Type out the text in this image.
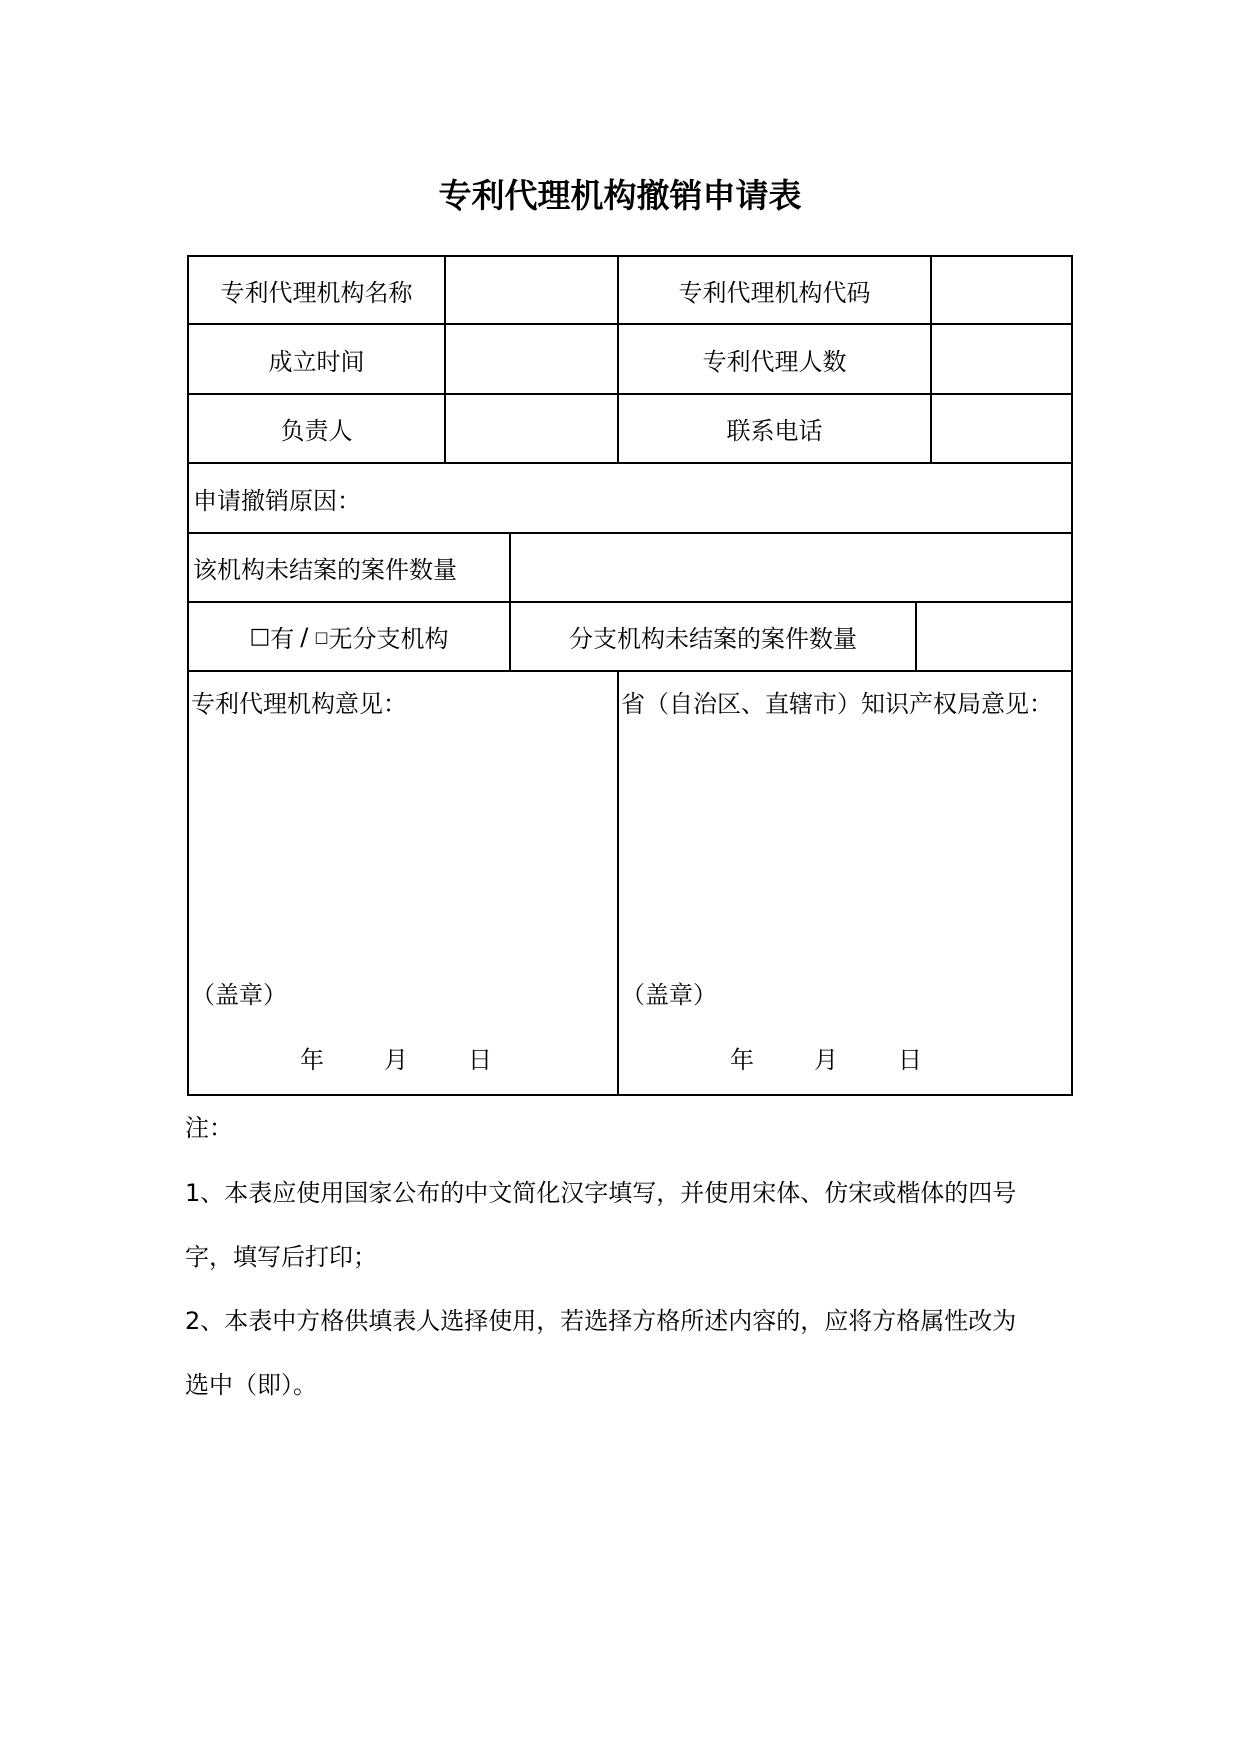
专利代理机构撤销申请表
专利代理机构名称	专利代理机构代码
成立时间	专利代理人数
负责人	联系电话
申请撤销原因：
该机构未结案的案件数量
□ 有 / □ 无分支机构	分支机构未结案的案件数量
专利代理机构意见：
（盖章）
年	月	日
省（自治区、直辖市）知识产权局意见：
（盖章）
年	月	日
注：
1、本表应使用国家公布的中文简化汉字填写，并使用宋体、仿宋或楷体的四号
字，填写后打印；
2、本表中方格供填表人选择使用，若选择方格所述内容的，应将方格属性改为
选中（即）。
